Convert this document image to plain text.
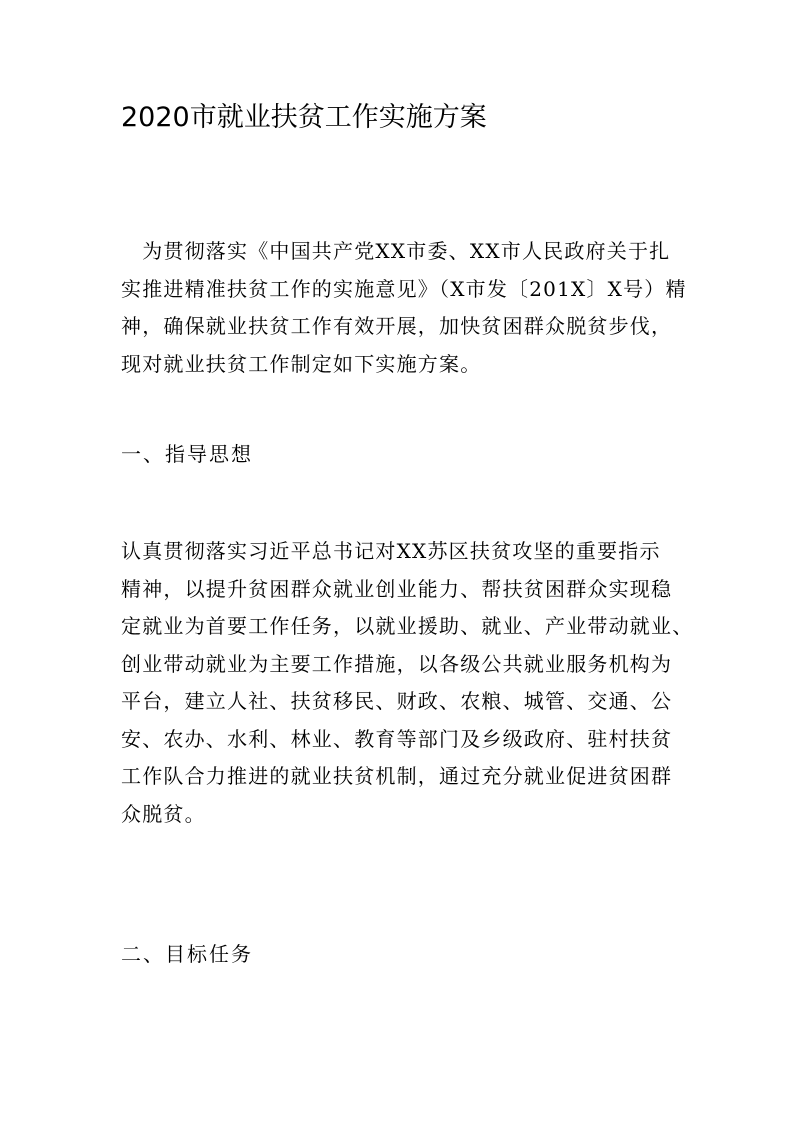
2020市就业扶贫工作实施方案
　为贯彻落实《中国共产党XX市委、XX市人民政府关于扎
实推进精准扶贫工作的实施意见》（X市发〔201X〕X号）精
神，确保就业扶贫工作有效开展，加快贫困群众脱贫步伐，
现对就业扶贫工作制定如下实施方案。
一、指导思想
认真贯彻落实习近平总书记对XX苏区扶贫攻坚的重要指示
精神，以提升贫困群众就业创业能力、帮扶贫困群众实现稳
定就业为首要工作任务，以就业援助、就业、产业带动就业、
创业带动就业为主要工作措施，以各级公共就业服务机构为
平台，建立人社、扶贫移民、财政、农粮、城管、交通、公
安、农办、水利、林业、教育等部门及乡级政府、驻村扶贫
工作队合力推进的就业扶贫机制，通过充分就业促进贫困群
众脱贫。
二、目标任务
